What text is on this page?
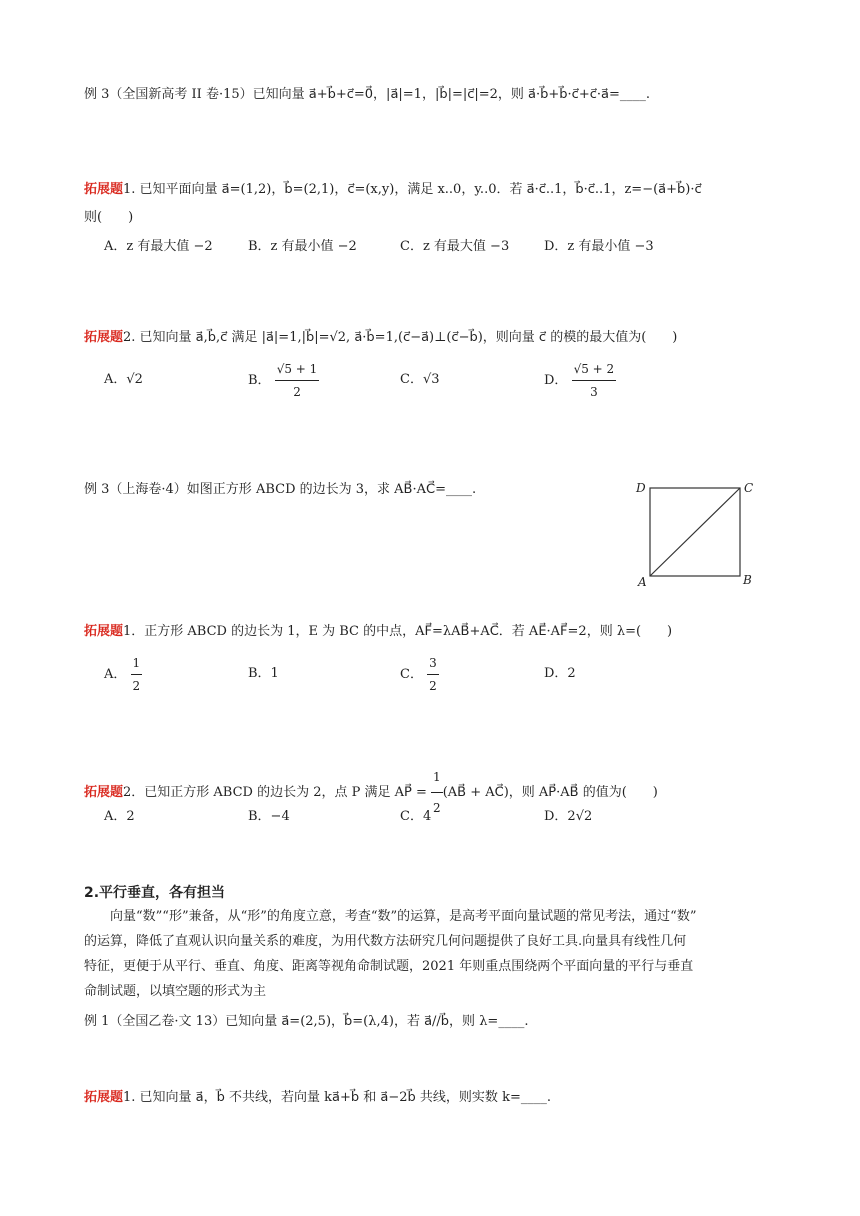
例 3（全国新高考 II 卷·15）已知向量 a⃗+b⃗+c⃗=0⃗，|a⃗|=1，|b⃗|=|c⃗|=2，则 a⃗·b⃗+b⃗·c⃗+c⃗·a⃗=____.
拓展题1. 已知平面向量 a⃗=(1,2)，b⃗=(2,1)，c⃗=(x,y)，满足 x..0，y..0．若 a⃗·c⃗..1，b⃗·c⃗..1，z=−(a⃗+b⃗)·c⃗
则(　　)
A．z 有最大值 −2	B．z 有最小值 −2	C．z 有最大值 −3	D．z 有最小值 −3
拓展题2. 已知向量 a⃗,b⃗,c⃗ 满足 |a⃗|=1,|b⃗|=√2, a⃗·b⃗=1,(c⃗−a⃗)⊥(c⃗−b⃗)，则向量 c⃗ 的模的最大值为(　　)
A．√2	B． $\frac{√5 + 1}{2}$	C．√3	D． $\frac{√5 + 2}{3}$
例 3（上海卷·4）如图正方形 ABCD 的边长为 3，求 AB⃗·AC⃗=____.	D	C
A	B
拓展题1．正方形 ABCD 的边长为 1，E 为 BC 的中点，AF⃗=λAB⃗+AC⃗．若 AE⃗·AF⃗=2，则 λ=(　　)
A． $\frac{1}{2}$	B．1	C． $\frac{3}{2}$	D．2
拓展题2．已知正方形 ABCD 的边长为 2，点 P 满足 AP⃗ = $\frac{1}{2}$ (AB⃗ + AC⃗)，则 AP⃗·AB⃗ 的值为(　　)
A．2	B．−4	C．4	D．2√2
2.平行垂直，各有担当
向量“数”“形”兼备，从“形”的角度立意，考查“数”的运算，是高考平面向量试题的常见考法，通过“数”
的运算，降低了直观认识向量关系的难度，为用代数方法研究几何问题提供了良好工具.向量具有线性几何
特征，更便于从平行、垂直、角度、距离等视角命制试题，2021 年则重点围绕两个平面向量的平行与垂直
命制试题，以填空题的形式为主
例 1（全国乙卷·文 13）已知向量 a⃗=(2,5)，b⃗=(λ,4)，若 a⃗//b⃗，则 λ=____.
拓展题1. 已知向量 a⃗，b⃗ 不共线，若向量 ka⃗+b⃗ 和 a⃗−2b⃗ 共线，则实数 k=____.
